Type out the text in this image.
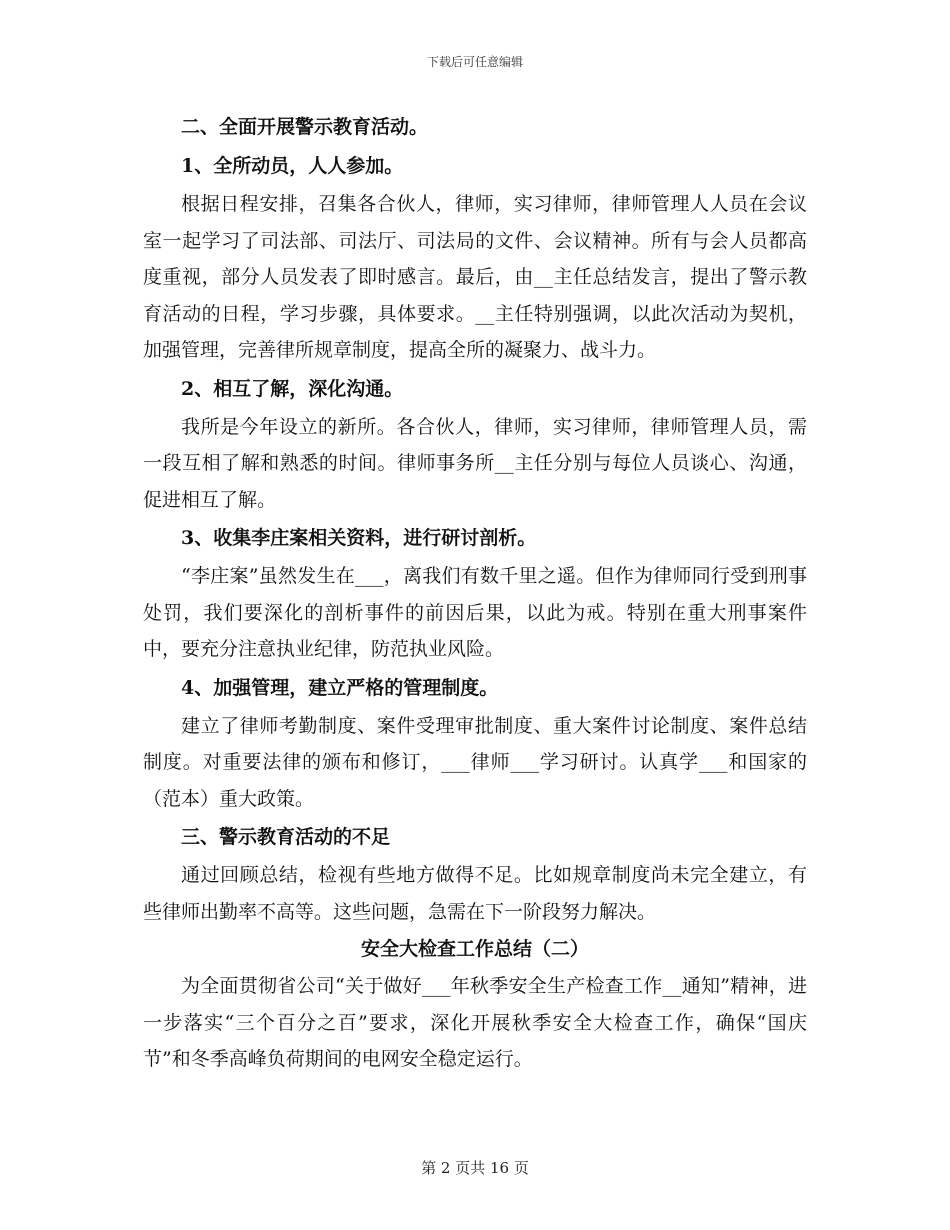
下载后可任意编辑

二、全面开展警示教育活动。

1、全所动员，人人参加。

根据日程安排，召集各合伙人，律师，实习律师，律师管理人人员在会议室一起学习了司法部、司法厅、司法局的文件、会议精神。所有与会人员都高度重视，部分人员发表了即时感言。最后，由__主任总结发言，提出了警示教育活动的日程，学习步骤，具体要求。__主任特别强调，以此次活动为契机，加强管理，完善律所规章制度，提高全所的凝聚力、战斗力。

2、相互了解，深化沟通。

我所是今年设立的新所。各合伙人，律师，实习律师，律师管理人员，需一段互相了解和熟悉的时间。律师事务所__主任分别与每位人员谈心、沟通，促进相互了解。

3、收集李庄案相关资料，进行研讨剖析。

“李庄案”虽然发生在___，离我们有数千里之遥。但作为律师同行受到刑事处罚，我们要深化的剖析事件的前因后果，以此为戒。特别在重大刑事案件中，要充分注意执业纪律，防范执业风险。

4、加强管理，建立严格的管理制度。

建立了律师考勤制度、案件受理审批制度、重大案件讨论制度、案件总结制度。对重要法律的颁布和修订，___律师___学习研讨。认真学___和国家的（范本）重大政策。

三、警示教育活动的不足

通过回顾总结，检视有些地方做得不足。比如规章制度尚未完全建立，有些律师出勤率不高等。这些问题，急需在下一阶段努力解决。

安全大检查工作总结（二）

为全面贯彻省公司“关于做好___年秋季安全生产检查工作__通知”精神，进一步落实“三个百分之百”要求，深化开展秋季安全大检查工作，确保“国庆节”和冬季高峰负荷期间的电网安全稳定运行。

第 2 页共 16 页
